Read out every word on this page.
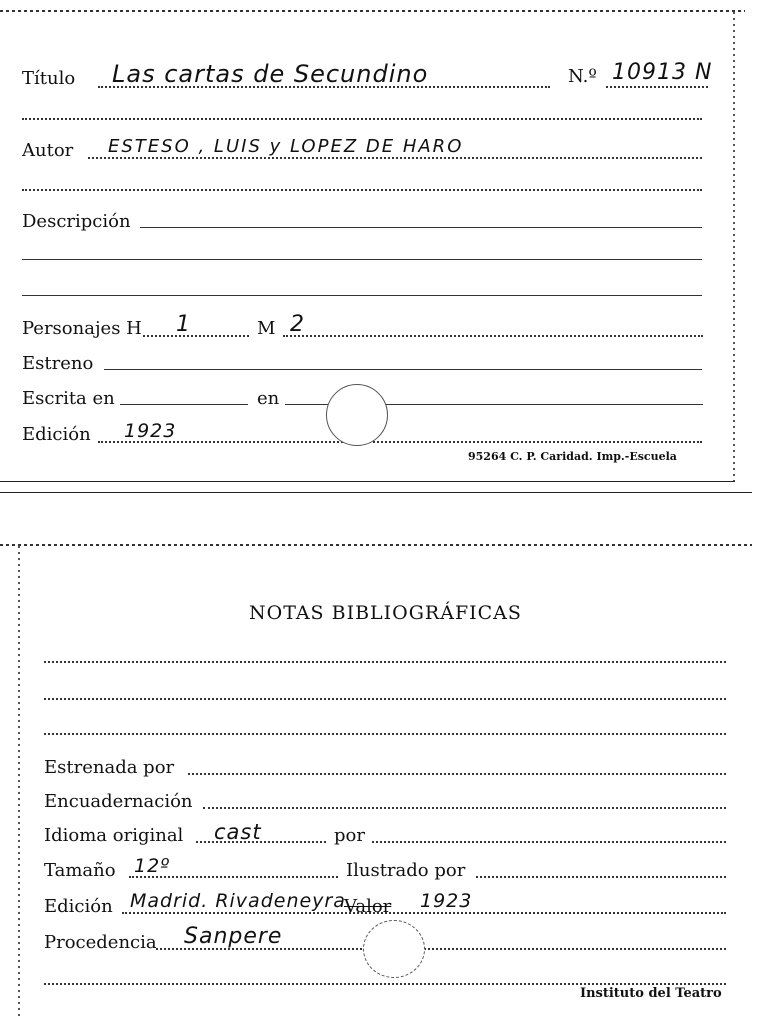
Título Las cartas de Secundino	N.º 10913 N
Autor ESTESO , LUIS y LOPEZ DE HARO
Descripción
Personajes H 1	M 2
Estreno
Escrita en	en
Edición 1923
95264 C. P. Caridad. Imp.-Escuela
NOTAS BIBLIOGRÁFICAS
Estrenada por
Encuadernación
Idioma original cast	por
Tamaño 12º	Ilustrado por
Edición Madrid. Rivadeneyra
Valor 1923
Procedencia Sanpere
Instituto del Teatro
